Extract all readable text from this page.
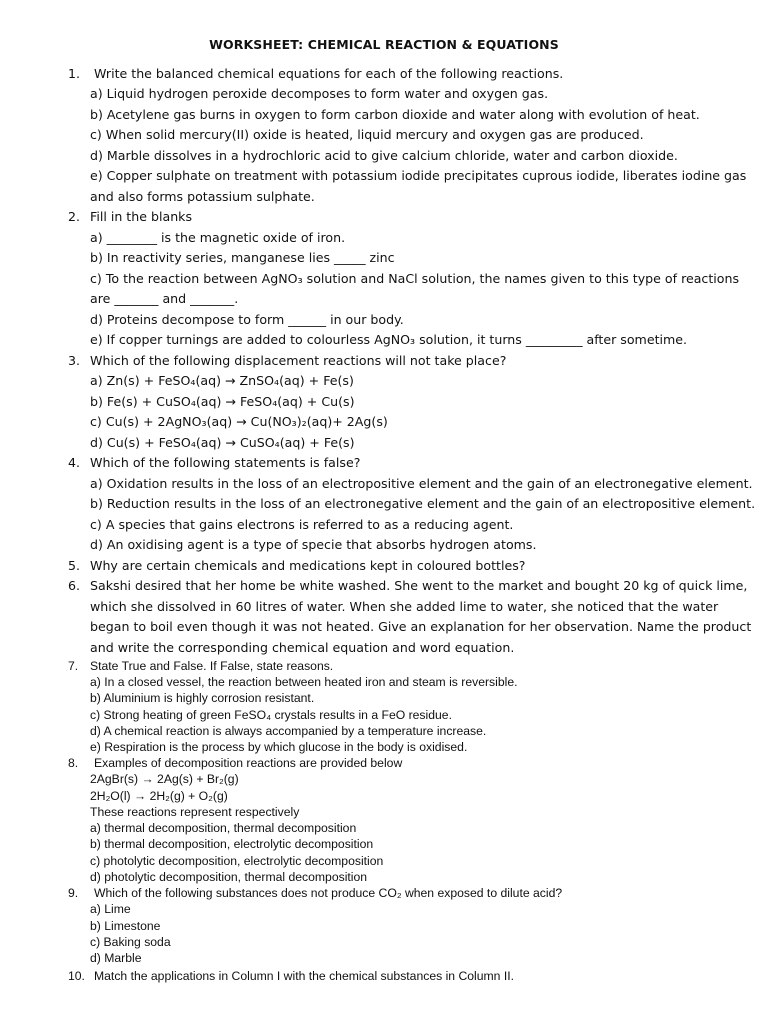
WORKSHEET: CHEMICAL REACTION & EQUATIONS
1. Write the balanced chemical equations for each of the following reactions.
a) Liquid hydrogen peroxide decomposes to form water and oxygen gas.
b) Acetylene gas burns in oxygen to form carbon dioxide and water along with evolution of heat.
c) When solid mercury(II) oxide is heated, liquid mercury and oxygen gas are produced.
d) Marble dissolves in a hydrochloric acid to give calcium chloride, water and carbon dioxide.
e) Copper sulphate on treatment with potassium iodide precipitates cuprous iodide, liberates iodine gas
and also forms potassium sulphate.
2. Fill in the blanks
a) ________ is the magnetic oxide of iron.
b) In reactivity series, manganese lies _____ zinc
c) To the reaction between AgNO₃ solution and NaCl solution, the names given to this type of reactions
are _______ and _______.
d) Proteins decompose to form ______ in our body.
e) If copper turnings are added to colourless AgNO₃ solution, it turns _________ after sometime.
3. Which of the following displacement reactions will not take place?
a) Zn(s) + FeSO₄(aq) → ZnSO₄(aq) + Fe(s)
b) Fe(s) + CuSO₄(aq) → FeSO₄(aq) + Cu(s)
c) Cu(s) + 2AgNO₃(aq) → Cu(NO₃)₂(aq)+ 2Ag(s)
d) Cu(s) + FeSO₄(aq) → CuSO₄(aq) + Fe(s)
4. Which of the following statements is false?
a) Oxidation results in the loss of an electropositive element and the gain of an electronegative element.
b) Reduction results in the loss of an electronegative element and the gain of an electropositive element.
c) A species that gains electrons is referred to as a reducing agent.
d) An oxidising agent is a type of specie that absorbs hydrogen atoms.
5. Why are certain chemicals and medications kept in coloured bottles?
6. Sakshi desired that her home be white washed. She went to the market and bought 20 kg of quick lime,
which she dissolved in 60 litres of water. When she added lime to water, she noticed that the water
began to boil even though it was not heated. Give an explanation for her observation. Name the product
and write the corresponding chemical equation and word equation.
7. State True and False. If False, state reasons.
a) In a closed vessel, the reaction between heated iron and steam is reversible.
b) Aluminium is highly corrosion resistant.
c) Strong heating of green FeSO₄ crystals results in a FeO residue.
d) A chemical reaction is always accompanied by a temperature increase.
e) Respiration is the process by which glucose in the body is oxidised.
8. Examples of decomposition reactions are provided below
2AgBr(s) → 2Ag(s) + Br₂(g)
2H₂O(l) → 2H₂(g) + O₂(g)
These reactions represent respectively
a) thermal decomposition, thermal decomposition
b) thermal decomposition, electrolytic decomposition
c) photolytic decomposition, electrolytic decomposition
d) photolytic decomposition, thermal decomposition
9. Which of the following substances does not produce CO₂ when exposed to dilute acid?
a) Lime
b) Limestone
c) Baking soda
d) Marble
10. Match the applications in Column I with the chemical substances in Column II.
